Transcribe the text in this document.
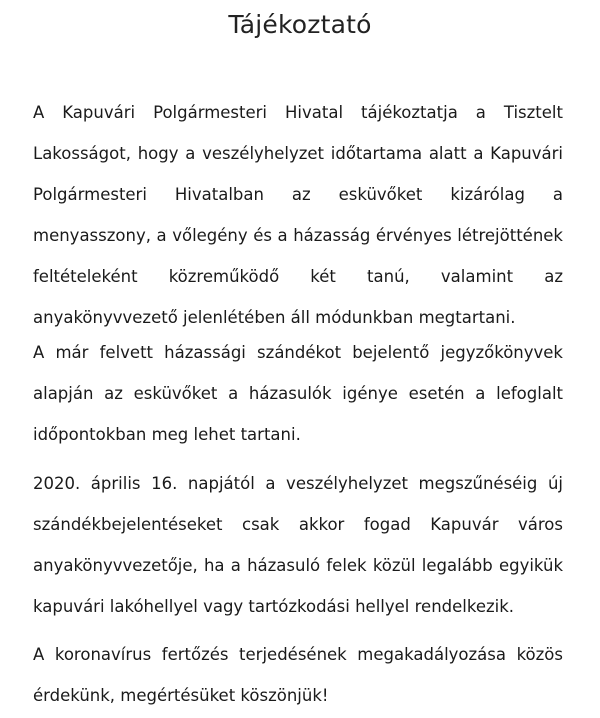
Tájékoztató
A Kapuvári Polgármesteri Hivatal tájékoztatja a Tisztelt
Lakosságot, hogy a veszélyhelyzet időtartama alatt a Kapuvári
Polgármesteri Hivatalban az esküvőket kizárólag a
menyasszony, a vőlegény és a házasság érvényes létrejöttének
feltételeként közreműködő két tanú, valamint az
anyakönyvvezető jelenlétében áll módunkban megtartani.
A már felvett házassági szándékot bejelentő jegyzőkönyvek
alapján az esküvőket a házasulók igénye esetén a lefoglalt
időpontokban meg lehet tartani.
2020. április 16. napjától a veszélyhelyzet megszűnéséig új
szándékbejelentéseket csak akkor fogad Kapuvár város
anyakönyvvezetője, ha a házasuló felek közül legalább egyikük
kapuvári lakóhellyel vagy tartózkodási hellyel rendelkezik.
A koronavírus fertőzés terjedésének megakadályozása közös
érdekünk, megértésüket köszönjük!
